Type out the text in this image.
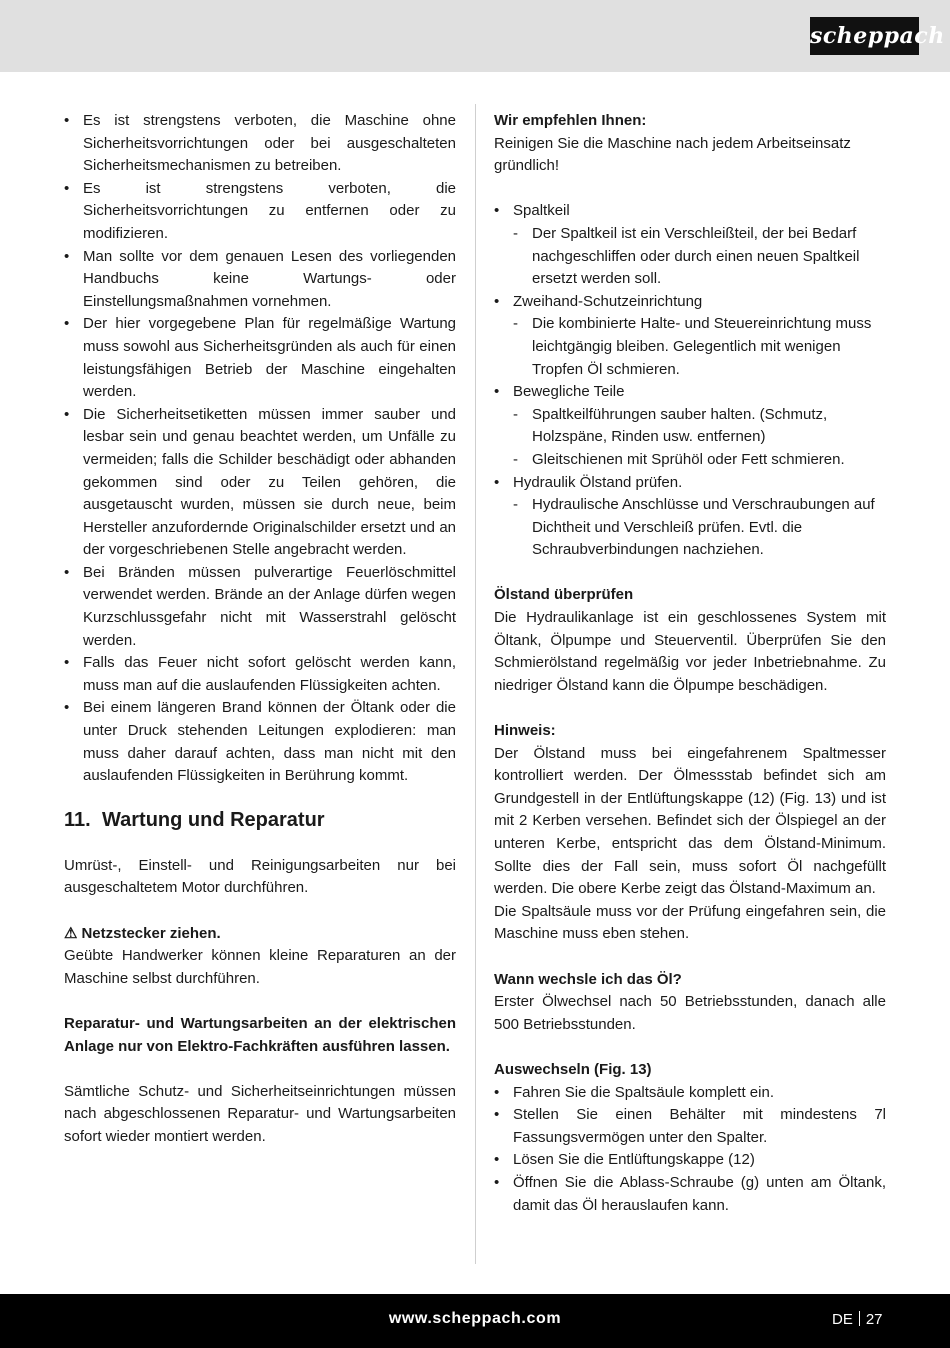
scheppach
• Es ist strengstens verboten, die Maschine ohne Sicherheitsvorrichtungen oder bei ausgeschalteten Sicherheitsmechanismen zu betreiben.
• Es ist strengstens verboten, die Sicherheitsvorrichtungen zu entfernen oder zu modifizieren.
• Man sollte vor dem genauen Lesen des vorliegenden Handbuchs keine Wartungs- oder Einstellungsmaßnahmen vornehmen.
• Der hier vorgegebene Plan für regelmäßige Wartung muss sowohl aus Sicherheitsgründen als auch für einen leistungsfähigen Betrieb der Maschine eingehalten werden.
• Die Sicherheitsetiketten müssen immer sauber und lesbar sein und genau beachtet werden, um Unfälle zu vermeiden; falls die Schilder beschädigt oder abhanden gekommen sind oder zu Teilen gehören, die ausgetauscht wurden, müssen sie durch neue, beim Hersteller anzufordernde Originalschilder ersetzt und an der vorgeschriebenen Stelle angebracht werden.
• Bei Bränden müssen pulverartige Feuerlöschmittel verwendet werden. Brände an der Anlage dürfen wegen Kurzschlussgefahr nicht mit Wasserstrahl gelöscht werden.
• Falls das Feuer nicht sofort gelöscht werden kann, muss man auf die auslaufenden Flüssigkeiten achten.
• Bei einem längeren Brand können der Öltank oder die unter Druck stehenden Leitungen explodieren: man muss daher darauf achten, dass man nicht mit den auslaufenden Flüssigkeiten in Berührung kommt.
11. Wartung und Reparatur

Umrüst-, Einstell- und Reinigungsarbeiten nur bei ausgeschaltetem Motor durchführen.

⚠ Netzstecker ziehen.

Geübte Handwerker können kleine Reparaturen an der Maschine selbst durchführen.

Reparatur- und Wartungsarbeiten an der elektrischen Anlage nur von Elektro-Fachkräften ausführen lassen.

Sämtliche Schutz- und Sicherheitseinrichtungen müssen nach abgeschlossenen Reparatur- und Wartungsarbeiten sofort wieder montiert werden.

Wir empfehlen Ihnen:

Reinigen Sie die Maschine nach jedem Arbeitseinsatz gründlich!

• Spaltkeil
- Der Spaltkeil ist ein Verschleißteil, der bei Bedarf nachgeschliffen oder durch einen neuen Spaltkeil ersetzt werden soll.
• Zweihand-Schutzeinrichtung
- Die kombinierte Halte- und Steuereinrichtung muss leichtgängig bleiben. Gelegentlich mit wenigen Tropfen Öl schmieren.
• Bewegliche Teile
- Spaltkeilführungen sauber halten. (Schmutz, Holzspäne, Rinden usw. entfernen)
- Gleitschienen mit Sprühöl oder Fett schmieren.
• Hydraulik Ölstand prüfen.
- Hydraulische Anschlüsse und Verschraubungen auf Dichtheit und Verschleiß prüfen. Evtl. die Schraubverbindungen nachziehen.

Ölstand überprüfen

Die Hydraulikanlage ist ein geschlossenes System mit Öltank, Ölpumpe und Steuerventil. Überprüfen Sie den Schmierölstand regelmäßig vor jeder Inbetriebnahme. Zu niedriger Ölstand kann die Ölpumpe beschädigen.

Hinweis:

Der Ölstand muss bei eingefahrenem Spaltmesser kontrolliert werden. Der Ölmessstab befindet sich am Grundgestell in der Entlüftungskappe (12) (Fig. 13) und ist mit 2 Kerben versehen. Befindet sich der Ölspiegel an der unteren Kerbe, entspricht das dem Ölstand-Minimum. Sollte dies der Fall sein, muss sofort Öl nachgefüllt werden. Die obere Kerbe zeigt das Ölstand-Maximum an.

Die Spaltsäule muss vor der Prüfung eingefahren sein, die Maschine muss eben stehen.

Wann wechsle ich das Öl?

Erster Ölwechsel nach 50 Betriebsstunden, danach alle 500 Betriebsstunden.

Auswechseln (Fig. 13)

• Fahren Sie die Spaltsäule komplett ein.
• Stellen Sie einen Behälter mit mindestens 7l Fassungsvermögen unter den Spalter.
• Lösen Sie die Entlüftungskappe (12)
• Öffnen Sie die Ablass-Schraube (g) unten am Öltank, damit das Öl herauslaufen kann.
www.scheppach.com	DE 27
